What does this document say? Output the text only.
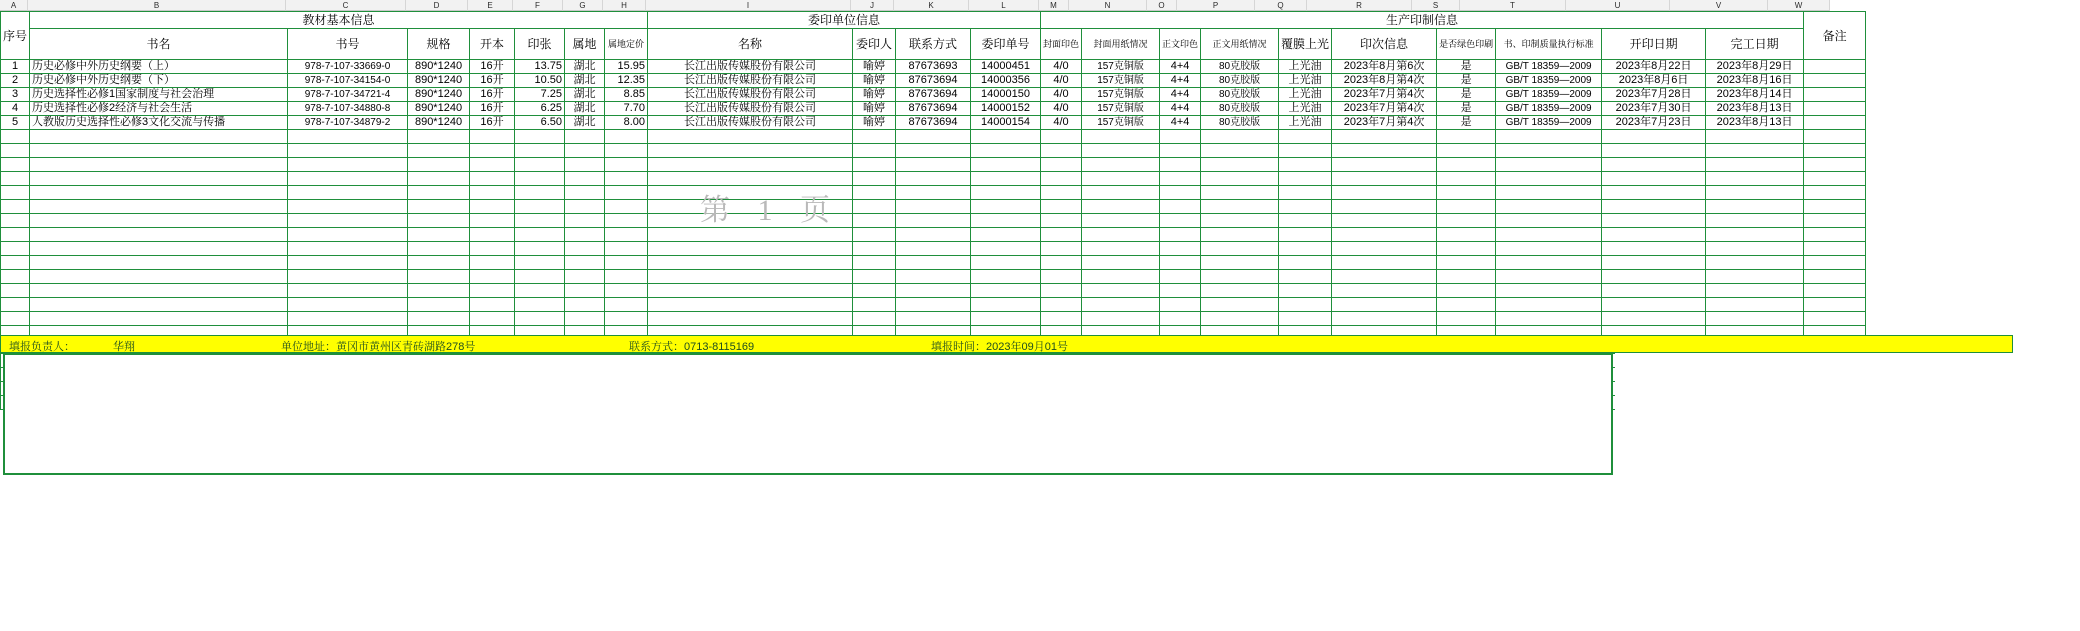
A	B	C	D	E	F	G	H	I	J	K	L	M	N	O	P	Q	R	S	T	U	V	W
序号	教材基本信息							委印单位信息				生产印制信息										备注
	书名	书号	规格	开本	印张	属地	属地定价	名称	委印人	联系方式	委印单号	封面印色	封面用纸情况	正文印色	正文用纸情况	覆膜上光	印次信息	是否绿色印刷	书、印制质量执行标准	开印日期	完工日期	
1	历史必修中外历史纲要（上）	978-7-107-33669-0	890*1240	16开	13.75	湖北	15.95	长江出版传媒股份有限公司	喻婷	87673693	14000451	4/0	157克铜版	4+4	80克胶版	上光油	2023年8月第6次	是	GB/T 18359—2009	2023年8月22日	2023年8月29日	
2	历史必修中外历史纲要（下）	978-7-107-34154-0	890*1240	16开	10.50	湖北	12.35	长江出版传媒股份有限公司	喻婷	87673694	14000356	4/0	157克铜版	4+4	80克胶版	上光油	2023年8月第4次	是	GB/T 18359—2009	2023年8月6日	2023年8月16日	
3	历史选择性必修1国家制度与社会治理	978-7-107-34721-4	890*1240	16开	7.25	湖北	8.85	长江出版传媒股份有限公司	喻婷	87673694	14000150	4/0	157克铜版	4+4	80克胶版	上光油	2023年7月第4次	是	GB/T 18359—2009	2023年7月28日	2023年8月14日	
4	历史选择性必修2经济与社会生活	978-7-107-34880-8	890*1240	16开	6.25	湖北	7.70	长江出版传媒股份有限公司	喻婷	87673694	14000152	4/0	157克铜版	4+4	80克胶版	上光油	2023年7月第4次	是	GB/T 18359—2009	2023年7月30日	2023年8月13日	
5	人教版历史选择性必修3文化交流与传播	978-7-107-34879-2	890*1240	16开	6.50	湖北	8.00	长江出版传媒股份有限公司	喻婷	87673694	14000154	4/0	157克铜版	4+4	80克胶版	上光油	2023年7月第4次	是	GB/T 18359—2009	2023年7月23日	2023年8月13日	

第 1 页
填报负责人：	华翔	单位地址：黄冈市黄州区青砖湖路278号	联系方式：0713-8115169	填报时间：2023年09月01号
